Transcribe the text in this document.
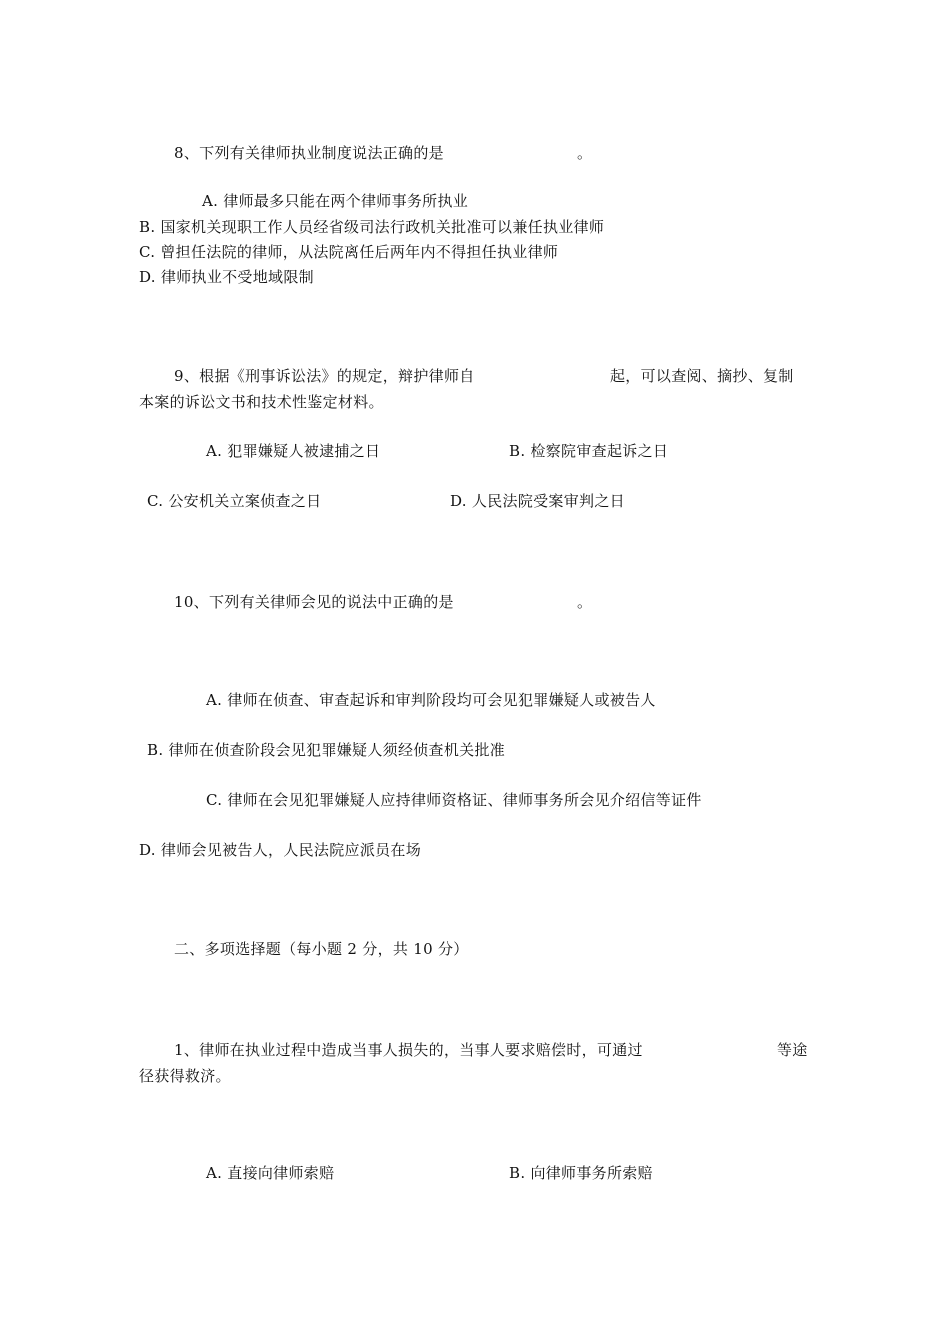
8、下列有关律师执业制度说法正确的是	。
A. 律师最多只能在两个律师事务所执业
B. 国家机关现职工作人员经省级司法行政机关批准可以兼任执业律师
C. 曾担任法院的律师，从法院离任后两年内不得担任执业律师
D. 律师执业不受地域限制
9、根据《刑事诉讼法》的规定，辩护律师自	起，可以查阅、摘抄、复制
本案的诉讼文书和技术性鉴定材料。
A. 犯罪嫌疑人被逮捕之日	B. 检察院审查起诉之日
C. 公安机关立案侦查之日	D. 人民法院受案审判之日
10、下列有关律师会见的说法中正确的是	。
A. 律师在侦查、审查起诉和审判阶段均可会见犯罪嫌疑人或被告人
B. 律师在侦查阶段会见犯罪嫌疑人须经侦查机关批准
C. 律师在会见犯罪嫌疑人应持律师资格证、律师事务所会见介绍信等证件
D. 律师会见被告人，人民法院应派员在场
二、多项选择题（每小题 2 分，共 10 分）
1、律师在执业过程中造成当事人损失的，当事人要求赔偿时，可通过	等途
径获得救济。
A. 直接向律师索赔	B. 向律师事务所索赔
